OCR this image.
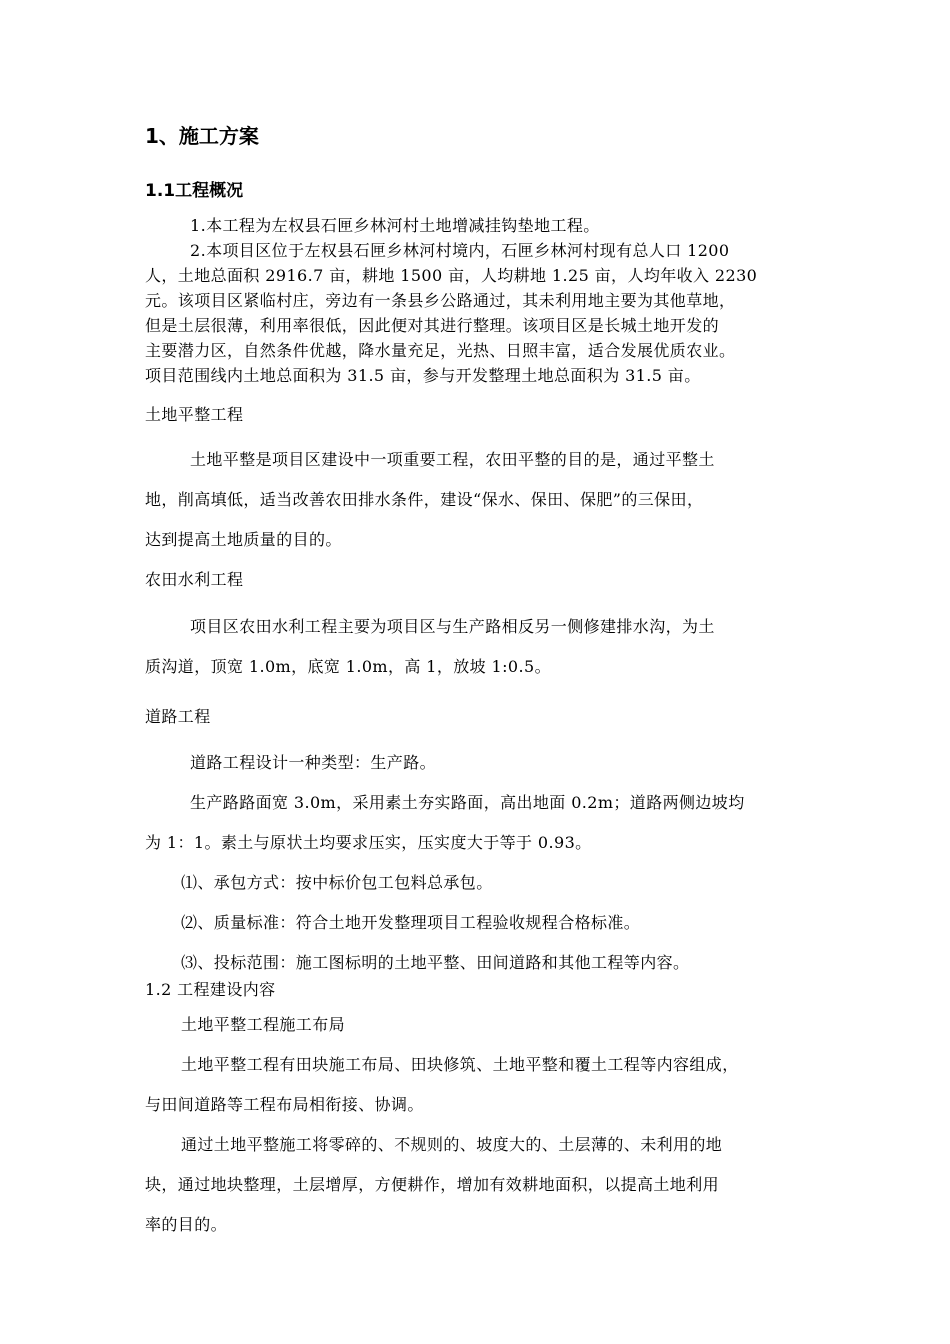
1、施工方案
1.1工程概况
1.本工程为左权县石匣乡林河村土地增减挂钩垫地工程。
2.本项目区位于左权县石匣乡林河村境内，石匣乡林河村现有总人口 1200
人，土地总面积 2916.7 亩，耕地 1500 亩，人均耕地 1.25 亩，人均年收入 2230
元。该项目区紧临村庄，旁边有一条县乡公路通过，其未利用地主要为其他草地，
但是土层很薄，利用率很低，因此便对其进行整理。该项目区是长城土地开发的
主要潜力区，自然条件优越，降水量充足，光热、日照丰富，适合发展优质农业。
项目范围线内土地总面积为 31.5 亩，参与开发整理土地总面积为 31.5 亩。
土地平整工程
土地平整是项目区建设中一项重要工程，农田平整的目的是，通过平整土
地，削高填低，适当改善农田排水条件，建设“保水、保田、保肥”的三保田，
达到提高土地质量的目的。
农田水利工程
项目区农田水利工程主要为项目区与生产路相反另一侧修建排水沟，为土
质沟道，顶宽 1.0m，底宽 1.0m，高 1，放坡 1:0.5。
道路工程
道路工程设计一种类型：生产路。
生产路路面宽 3.0m，采用素土夯实路面，高出地面 0.2m；道路两侧边坡均
为 1：1。素土与原状土均要求压实，压实度大于等于 0.93。
⑴、承包方式：按中标价包工包料总承包。
⑵、质量标准：符合土地开发整理项目工程验收规程合格标准。
⑶、投标范围：施工图标明的土地平整、田间道路和其他工程等内容。
1.2 工程建设内容
土地平整工程施工布局
土地平整工程有田块施工布局、田块修筑、土地平整和覆土工程等内容组成，
与田间道路等工程布局相衔接、协调。
通过土地平整施工将零碎的、不规则的、坡度大的、土层薄的、未利用的地
块，通过地块整理，土层增厚，方便耕作，增加有效耕地面积，以提高土地利用
率的目的。
